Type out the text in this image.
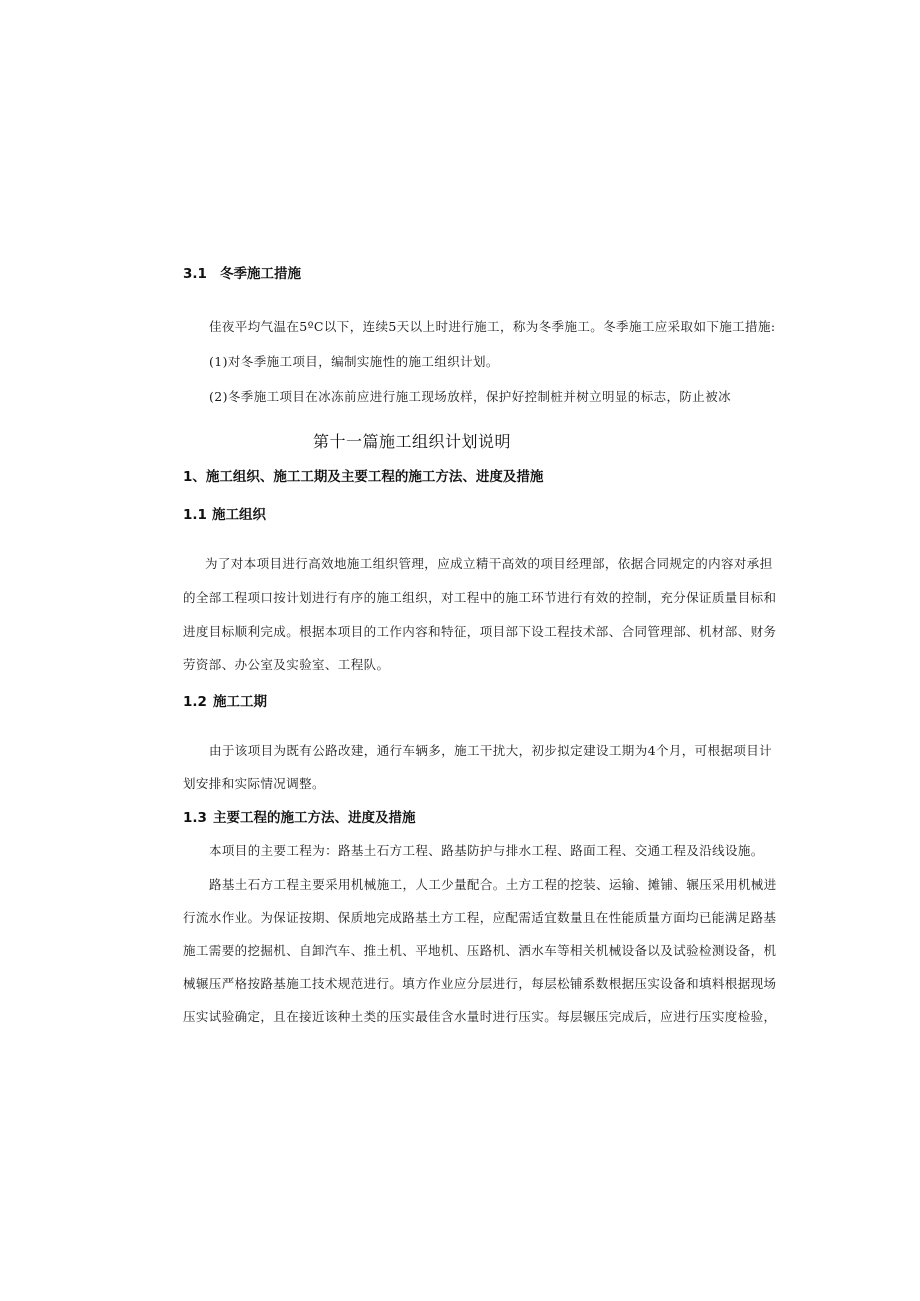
3.1 冬季施工措施
佳夜平均气温在5ºC以下，连续5天以上时进行施工，称为冬季施工。冬季施工应采取如下施工措施:
(1)对冬季施工项目，编制实施性的施工组织计划。
(2)冬季施工项目在冰冻前应进行施工现场放样，保护好控制桩并树立明显的标志，防止被冰
第十一篇施工组织计划说明
1、施工组织、施工工期及主要工程的施工方法、进度及措施
1.1 施工组织
为了对本项目进行高效地施工组织管理，应成立精干高效的项目经理部，依据合同规定的内容对承担
的全部工程项口按计划进行有序的施工组织，对工程中的施工环节进行有效的控制，充分保证质量目标和
进度目标顺利完成。根据本项目的工作内容和特征，项目部下设工程技术部、合同管理部、机材部、财务
劳资部、办公室及实验室、工程队。
1.2 施工工期
由于该项目为既有公路改建，通行车辆多，施工干扰大，初步拟定建设工期为4个月，可根据项目计
划安排和实际情况调整。
1.3 主要工程的施工方法、进度及措施
本项目的主要工程为：路基土石方工程、路基防护与排水工程、路面工程、交通工程及沿线设施。
路基土石方工程主要采用机械施工，人工少量配合。土方工程的挖装、运输、摊铺、辗压采用机械进
行流水作业。为保证按期、保质地完成路基土方工程，应配需适宜数量且在性能质量方面均已能满足路基
施工需要的挖掘机、自卸汽车、推土机、平地机、压路机、洒水车等相关机械设备以及试验检测设备，机
械辗压严格按路基施工技术规范进行。填方作业应分层进行，每层松铺系数根据压实设备和填料根据现场
压实试验确定，且在接近该种土类的压实最佳含水量时进行压实。每层辗压完成后，应进行压实度检验，
